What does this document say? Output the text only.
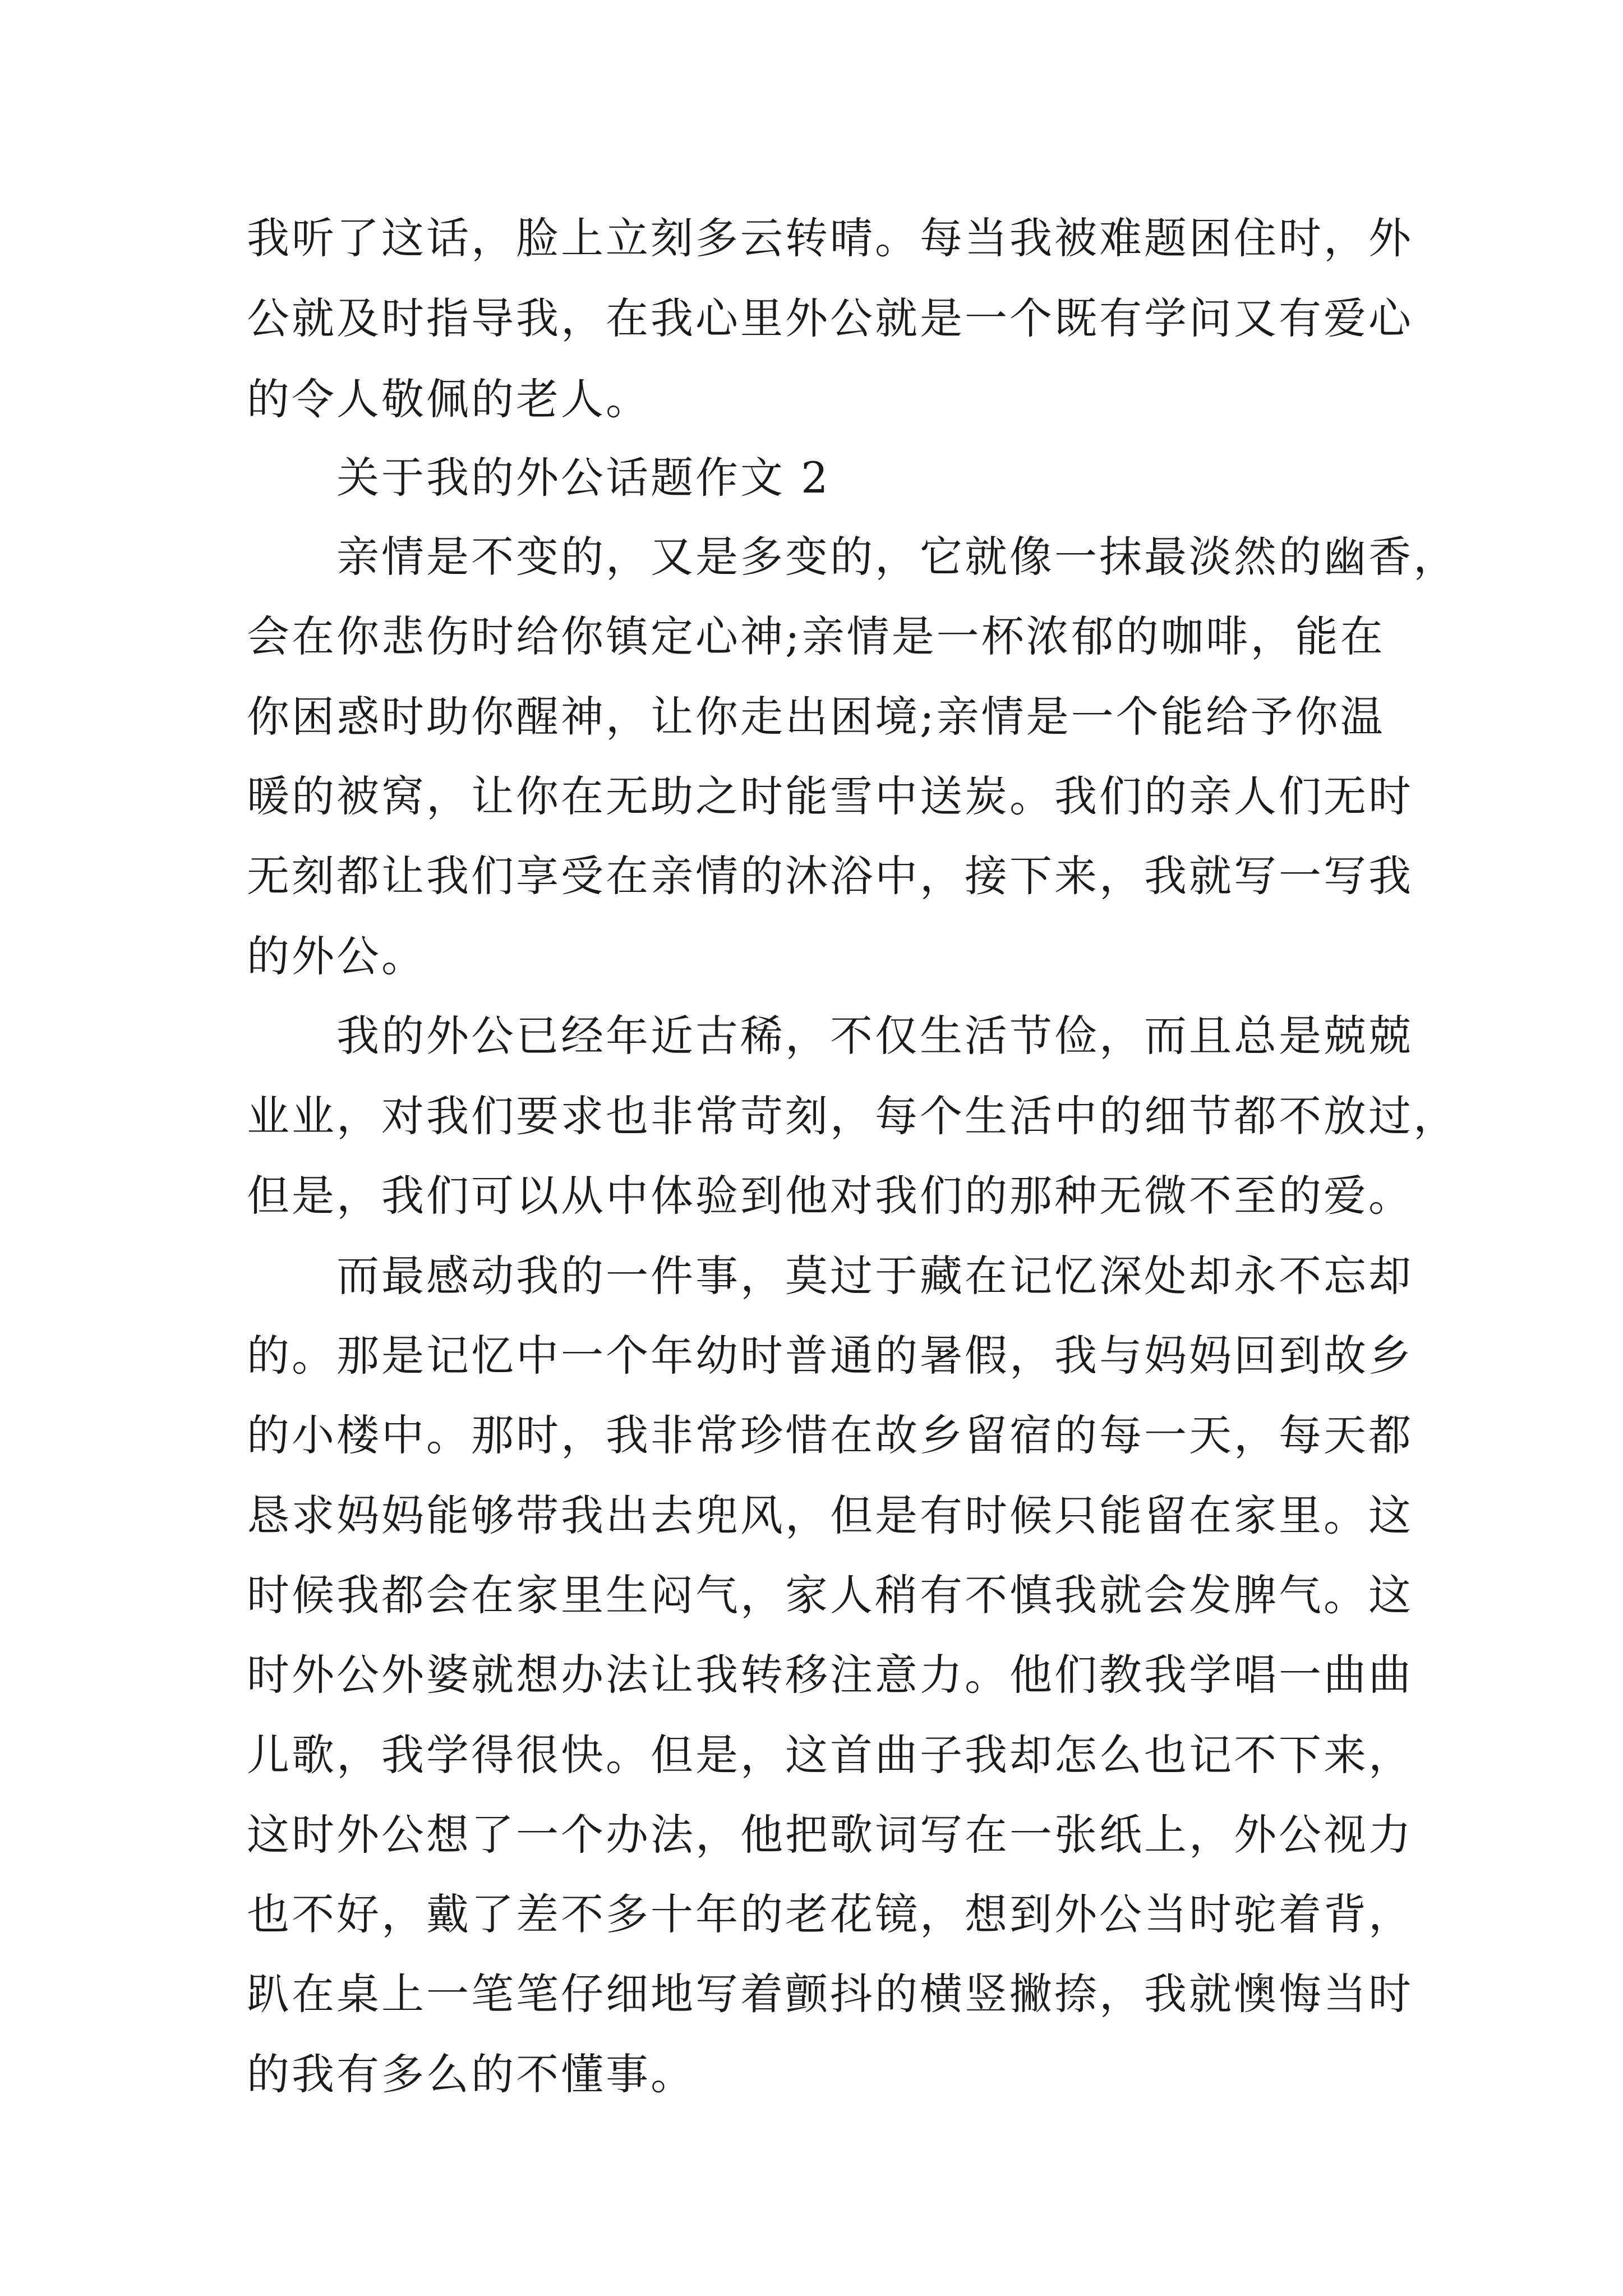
我听了这话，脸上立刻多云转晴。每当我被难题困住时，外
公就及时指导我，在我心里外公就是一个既有学问又有爱心
的令人敬佩的老人。
关于我的外公话题作文 2
亲情是不变的，又是多变的，它就像一抹最淡然的幽香，
会在你悲伤时给你镇定心神;亲情是一杯浓郁的咖啡，能在
你困惑时助你醒神，让你走出困境;亲情是一个能给予你温
暖的被窝，让你在无助之时能雪中送炭。我们的亲人们无时
无刻都让我们享受在亲情的沐浴中，接下来，我就写一写我
的外公。
我的外公已经年近古稀，不仅生活节俭，而且总是兢兢
业业，对我们要求也非常苛刻，每个生活中的细节都不放过，
但是，我们可以从中体验到他对我们的那种无微不至的爱。
而最感动我的一件事，莫过于藏在记忆深处却永不忘却
的。那是记忆中一个年幼时普通的暑假，我与妈妈回到故乡
的小楼中。那时，我非常珍惜在故乡留宿的每一天，每天都
恳求妈妈能够带我出去兜风，但是有时候只能留在家里。这
时候我都会在家里生闷气，家人稍有不慎我就会发脾气。这
时外公外婆就想办法让我转移注意力。他们教我学唱一曲曲
儿歌，我学得很快。但是，这首曲子我却怎么也记不下来，
这时外公想了一个办法，他把歌词写在一张纸上，外公视力
也不好，戴了差不多十年的老花镜，想到外公当时驼着背，
趴在桌上一笔笔仔细地写着颤抖的横竖撇捺，我就懊悔当时
的我有多么的不懂事。
